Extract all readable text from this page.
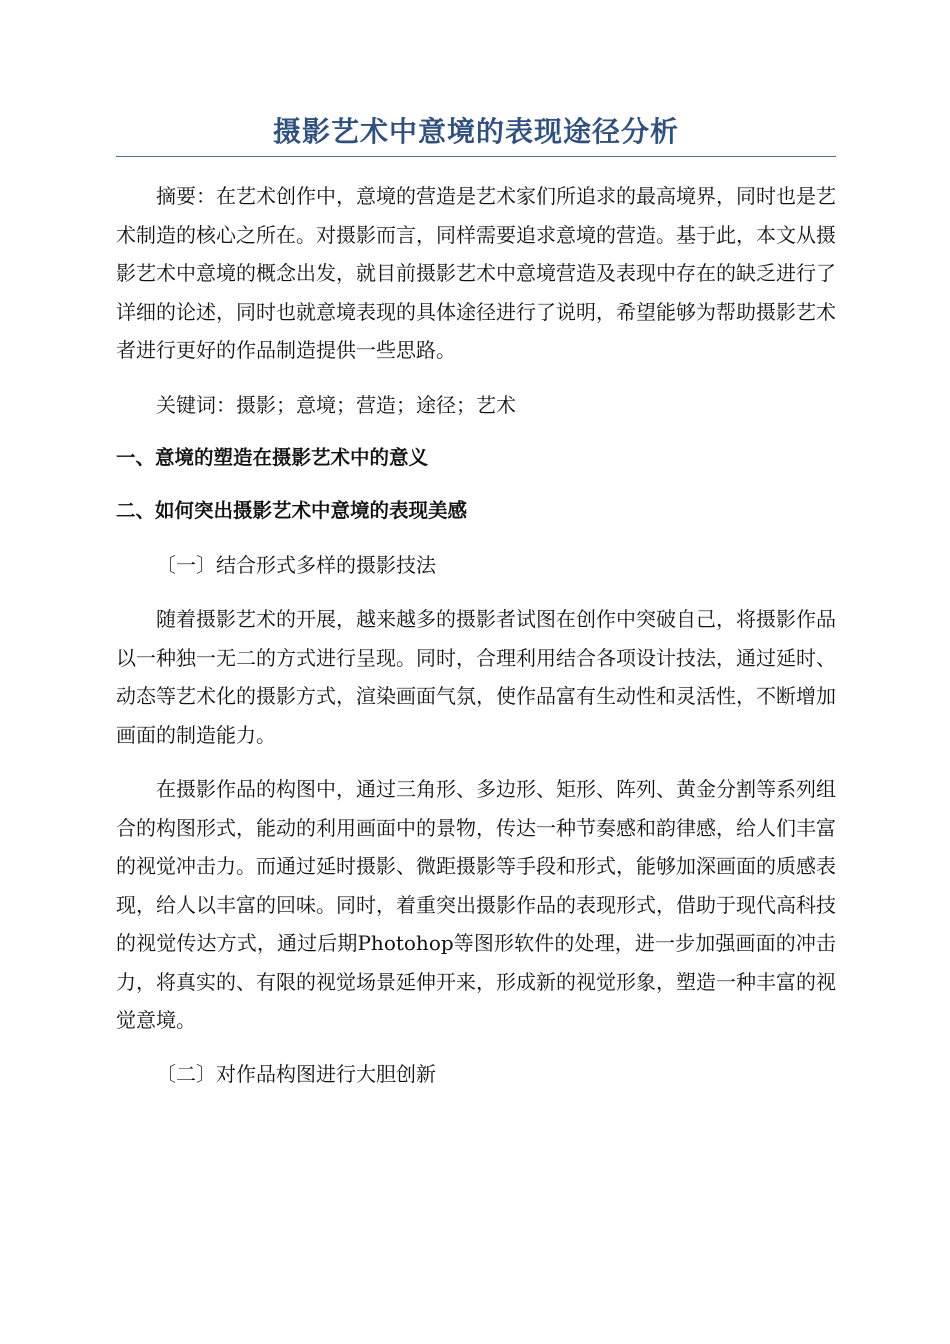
摄影艺术中意境的表现途径分析

摘要：在艺术创作中，意境的营造是艺术家们所追求的最高境界，同时也是艺术制造的核心之所在。对摄影而言，同样需要追求意境的营造。基于此，本文从摄影艺术中意境的概念出发，就目前摄影艺术中意境营造及表现中存在的缺乏进行了详细的论述，同时也就意境表现的具体途径进行了说明，希望能够为帮助摄影艺术者进行更好的作品制造提供一些思路。

关键词：摄影；意境；营造；途径；艺术

一、意境的塑造在摄影艺术中的意义

二、如何突出摄影艺术中意境的表现美感

〔一〕结合形式多样的摄影技法

随着摄影艺术的开展，越来越多的摄影者试图在创作中突破自己，将摄影作品以一种独一无二的方式进行呈现。同时，合理利用结合各项设计技法，通过延时、动态等艺术化的摄影方式，渲染画面气氛，使作品富有生动性和灵活性，不断增加画面的制造能力。

在摄影作品的构图中，通过三角形、多边形、矩形、阵列、黄金分割等系列组合的构图形式，能动的利用画面中的景物，传达一种节奏感和韵律感，给人们丰富的视觉冲击力。而通过延时摄影、微距摄影等手段和形式，能够加深画面的质感表现，给人以丰富的回味。同时，着重突出摄影作品的表现形式，借助于现代高科技的视觉传达方式，通过后期Photohop等图形软件的处理，进一步加强画面的冲击力，将真实的、有限的视觉场景延伸开来，形成新的视觉形象，塑造一种丰富的视觉意境。

〔二〕对作品构图进行大胆创新
